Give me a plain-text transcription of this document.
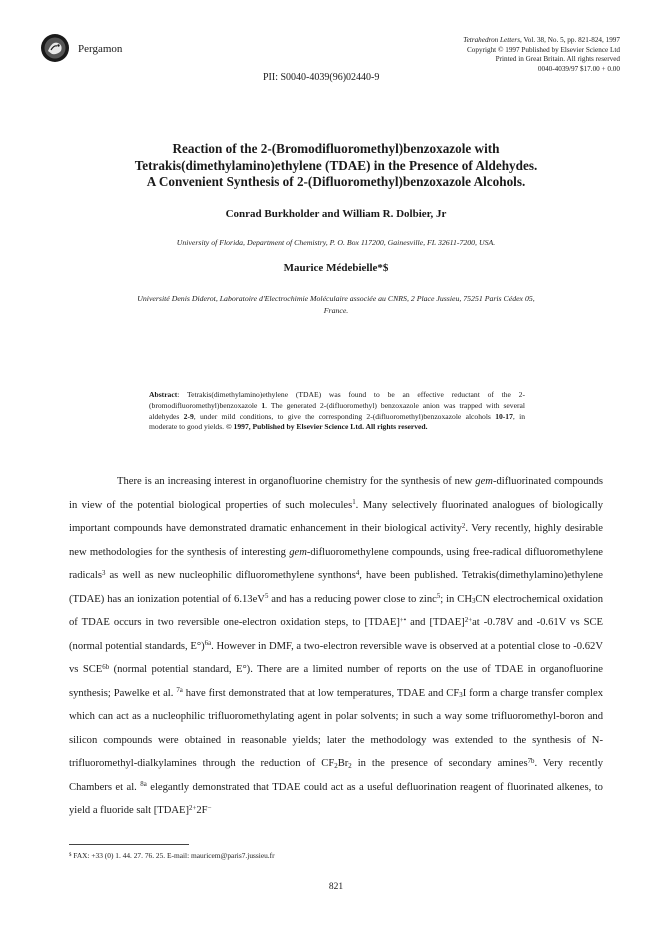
Pergamon
Tetrahedron Letters, Vol. 38, No. 5, pp. 821-824, 1997
Copyright © 1997 Published by Elsevier Science Ltd
Printed in Great Britain. All rights reserved
0040-4039/97 $17.00 + 0.00
PII: S0040-4039(96)02440-9
Reaction of the 2-(Bromodifluoromethyl)benzoxazole with
Tetrakis(dimethylamino)ethylene (TDAE) in the Presence of Aldehydes.
A Convenient Synthesis of 2-(Difluoromethyl)benzoxazole Alcohols.
Conrad Burkholder and William R. Dolbier, Jr
University of Florida, Department of Chemistry, P. O. Box 117200, Gainesville, FL 32611-7200, USA.
Maurice Médebielle*$
Université Denis Diderot, Laboratoire d'Electrochimie Moléculaire associée au CNRS, 2 Place Jussieu, 75251 Paris Cédex 05,
France.
Abstract: Tetrakis(dimethylamino)ethylene (TDAE) was found to be an effective reductant of the 2-(bromodifluoromethyl)benzoxazole 1. The generated 2-(difluoromethyl) benzoxazole anion was trapped with several aldehydes 2-9, under mild conditions, to give the corresponding 2-(difluoromethyl)benzoxazole alcohols 10-17, in moderate to good yields. © 1997, Published by Elsevier Science Ltd. All rights reserved.

There is an increasing interest in organofluorine chemistry for the synthesis of new gem-difluorinated compounds in view of the potential biological properties of such molecules$^1$. Many selectively fluorinated analogues of biologically important compounds have demonstrated dramatic enhancement in their biological activity$^2$. Very recently, highly desirable new methodologies for the synthesis of interesting gem-difluoromethylene compounds, using free-radical difluoromethylene radicals$^3$ as well as new nucleophilic difluoromethylene synthons$^4$, have been published. Tetrakis(dimethylamino)ethylene (TDAE) has an ionization potential of $6.13eV^5$ and has a reducing power close to zinc$^5$; in $CH_3CN$ electrochemical oxidation of TDAE occurs in two reversible one-electron oxidation steps, to [TDAE]+• and [TDAE]$^{2+}$at -0.78V and -0.61V vs SCE (normal potential standards, E°)$^{6a}$. However in DMF, a two-electron reversible wave is observed at a potential close to -0.62V vs $SCE^{6b}$ (normal potential standard, E°). There are a limited number of reports on the use of TDAE in organofluorine synthesis; Pawelke et al. $^{7a}$ have first demonstrated that at low temperatures, TDAE and $CF_3I$ form a charge transfer complex which can act as a nucleophilic trifluoromethylating agent in polar solvents; in such a way some trifluoromethyl-boron and silicon compounds were obtained in reasonable yields; later the methodology was extended to the synthesis of N-trifluoromethyl-dialkylamines through the reduction of $CF_2Br_2$ in the presence of secondary amines$^{7b}$. Very recently Chambers et al. $^{8a}$ elegantly demonstrated that TDAE could act as a useful defluorination reagent of fluorinated alkenes, to yield a fluoride salt [TDAE]$^{2+}$2F−

$ FAX: +33 (0) 1. 44. 27. 76. 25. E-mail: mauricem@paris7.jussieu.fr
821
